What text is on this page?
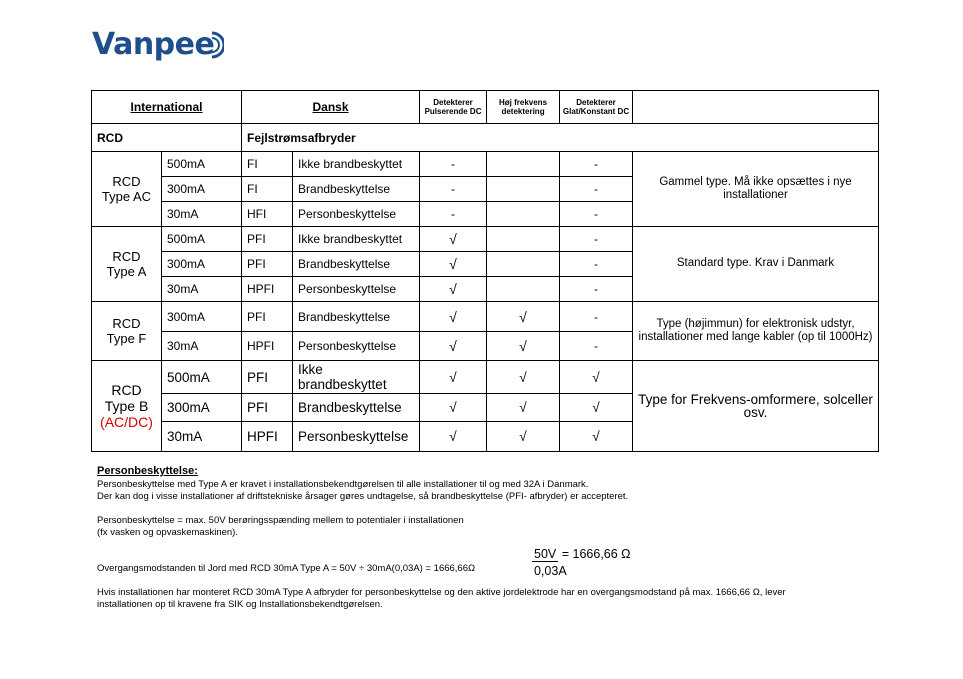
Vanpee
International		Dansk		Detekterer Pulserende DC	Høj frekvens detektering	Detekterer Glat/Konstant DC	
RCD		Fejlstrømsafbryder					

RCD
Type AC	500mA	FI	Ikke brandbeskyttet	-		-	Gammel type. Må ikke opsættes i nye installationer
	300mA	FI	Brandbeskyttelse	-		-	
	30mA	HFI	Personbeskyttelse	-		-	

RCD
Type A	500mA	PFI	Ikke brandbeskyttet	√		-	Standard type. Krav i Danmark
	300mA	PFI	Brandbeskyttelse	√		-	
	30mA	HPFI	Personbeskyttelse	√		-	

RCD
Type F	300mA	PFI	Brandbeskyttelse	√	√	-	Type (højimmun) for elektronisk udstyr, installationer med lange kabler (op til 1000Hz)
	30mA	HPFI	Personbeskyttelse	√	√	-	

RCD
Type B
(AC/DC)	500mA	PFI	Ikke brandbeskyttet	√	√	√	Type for Frekvens-omformere, solceller osv.
	300mA	PFI	Brandbeskyttelse	√	√	√	
	30mA	HPFI	Personbeskyttelse	√	√	√	
Personbeskyttelse:
Personbeskyttelse med Type A er kravet i installationsbekendtgørelsen til alle installationer til og med 32A i Danmark.
Der kan dog i visse installationer af driftstekniske årsager gøres undtagelse, så brandbeskyttelse (PFI- afbryder) er accepteret.
Personbeskyttelse = max. 50V berøringsspænding mellem to potentialer i installationen
(fx vasken og opvaskemaskinen).
50V = 1666,66 Ω
0,03A
Overgangsmodstanden til Jord med RCD 30mA Type A = 50V ÷ 30mA(0,03A) = 1666,66Ω
Hvis installationen har monteret RCD 30mA Type A afbryder for personbeskyttelse og den aktive jordelektrode har en overgangsmodstand på max. 1666,66 Ω, lever
installationen op til kravene fra SIK og Installationsbekendtgørelsen.
